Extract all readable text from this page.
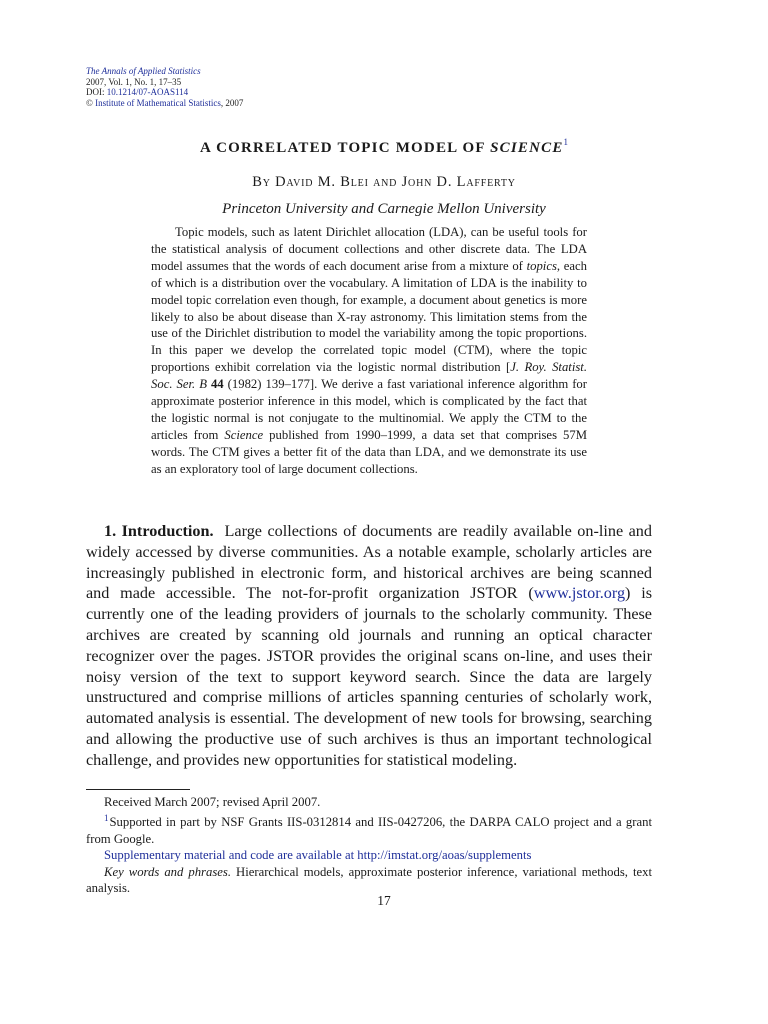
The Annals of Applied Statistics
2007, Vol. 1, No. 1, 17–35
DOI: 10.1214/07-AOAS114
© Institute of Mathematical Statistics, 2007
A CORRELATED TOPIC MODEL OF SCIENCE$^1$
By David M. Blei and John D. Lafferty
Princeton University and Carnegie Mellon University

Topic models, such as latent Dirichlet allocation (LDA), can be useful tools for the statistical analysis of document collections and other discrete data. The LDA model assumes that the words of each document arise from a mixture of topics, each of which is a distribution over the vocabulary. A limitation of LDA is the inability to model topic correlation even though, for example, a document about genetics is more likely to also be about disease than X-ray astronomy. This limitation stems from the use of the Dirichlet distribution to model the variability among the topic proportions. In this paper we develop the correlated topic model (CTM), where the topic proportions exhibit correlation via the logistic normal distribution [J. Roy. Statist. Soc. Ser. B 44 (1982) 139–177]. We derive a fast variational inference algorithm for approximate posterior inference in this model, which is complicated by the fact that the logistic normal is not conjugate to the multinomial. We apply the CTM to the articles from Science published from 1990–1999, a data set that comprises 57M words. The CTM gives a better fit of the data than LDA, and we demonstrate its use as an exploratory tool of large document collections.

1. Introduction. Large collections of documents are readily available on-line and widely accessed by diverse communities. As a notable example, scholarly articles are increasingly published in electronic form, and historical archives are being scanned and made accessible. The not-for-profit organization JSTOR (www.jstor.org) is currently one of the leading providers of journals to the scholarly community. These archives are created by scanning old journals and running an optical character recognizer over the pages. JSTOR provides the original scans on-line, and uses their noisy version of the text to support keyword search. Since the data are largely unstructured and comprise millions of articles spanning centuries of scholarly work, automated analysis is essential. The development of new tools for browsing, searching and allowing the productive use of such archives is thus an important technological challenge, and provides new opportunities for statistical modeling.

Received March 2007; revised April 2007.

$^1$Supported in part by NSF Grants IIS-0312814 and IIS-0427206, the DARPA CALO project and a grant from Google.

Supplementary material and code are available at http://imstat.org/aoas/supplements

Key words and phrases. Hierarchical models, approximate posterior inference, variational methods, text analysis.

17
